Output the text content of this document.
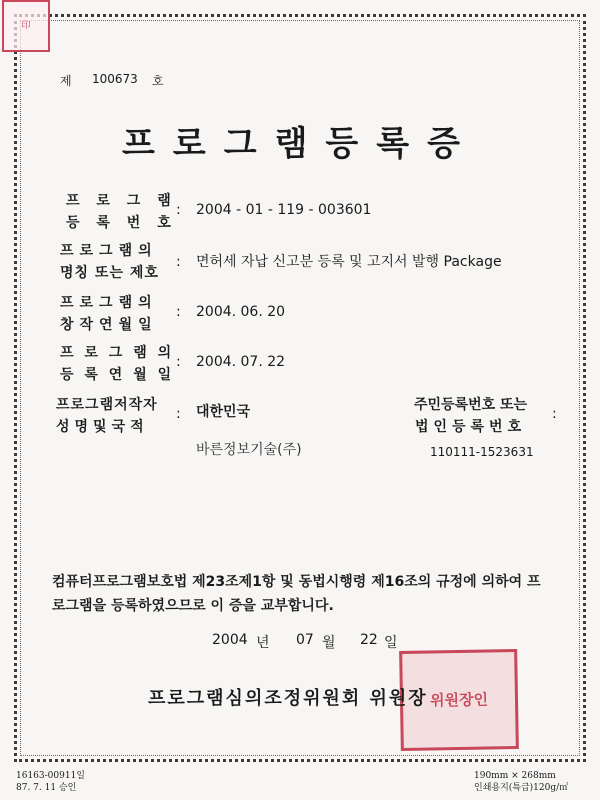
印
제 100673 호
프로그램등록증
프 로 그 램
등 록 번 호
: 2004 - 01 - 119 - 003601
프로그램의
명칭 또는 제호
: 면허세 자납 신고분 등록 및 고지서 발행 Package
프로그램의
창작연월일
: 2004. 06. 20
프 로 그 램 의
등 록 연 월 일
: 2004. 07. 22
프로그램저작자
성명및국적
: 대한민국
바른정보기술(주)
주민등록번호 또는
법인등록번호
:
110111-1523631
컴퓨터프로그램보호법 제23조제1항 및 동법시행령 제16조의 규정에 의하여 프로그램을 등록하였으므로 이 증을 교부합니다.
2004 년 07 월 22 일
위원장인
프로그램심의조정위원회 위원장
16163-00911일
87. 7. 11 승인
190mm × 268mm
인쇄용지(특급)120g/㎡
